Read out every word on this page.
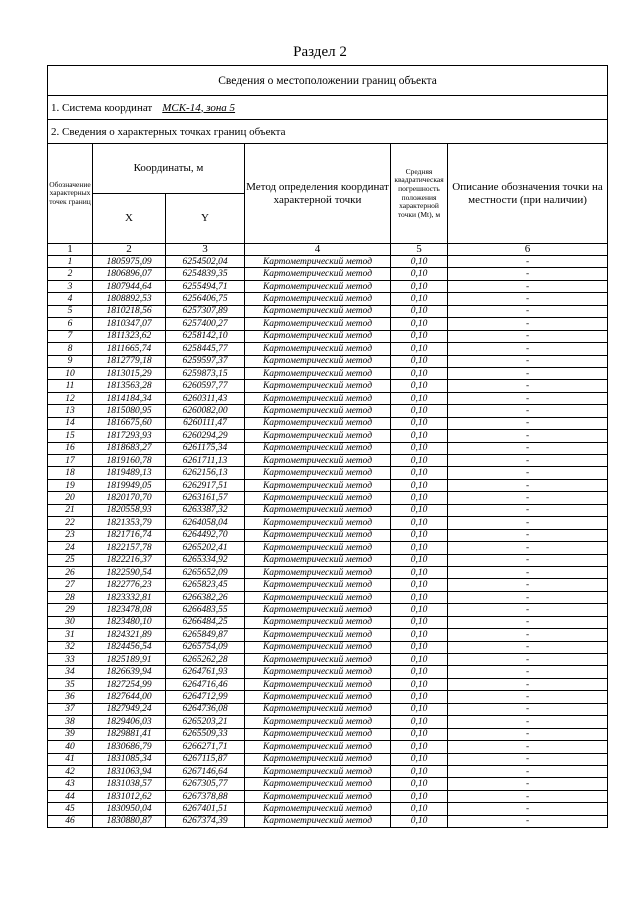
Раздел 2
Сведения о местоположении границ объекта					
1. Система координат МСК-14, зона 5					
2. Сведения о характерных точках границ объекта					
Обозначение характерных точек границ	Координаты, м		Метод определения координат характерной точки	Средняя квадратическая погрешность положения характерной точки (Мt), м	Описание обозначения точки на местности (при наличии)
	X	Y			
1	2	3	4	5	6
1	1805975,09	6254502,04	Картометрический метод	0,10	-
2	1806896,07	6254839,35	Картометрический метод	0,10	-
3	1807944,64	6255494,71	Картометрический метод	0,10	-
4	1808892,53	6256406,75	Картометрический метод	0,10	-
5	1810218,56	6257307,89	Картометрический метод	0,10	-
6	1810347,07	6257400,27	Картометрический метод	0,10	-
7	1811323,62	6258142,10	Картометрический метод	0,10	-
8	1811665,74	6258445,77	Картометрический метод	0,10	-
9	1812779,18	6259597,37	Картометрический метод	0,10	-
10	1813015,29	6259873,15	Картометрический метод	0,10	-
11	1813563,28	6260597,77	Картометрический метод	0,10	-
12	1814184,34	6260311,43	Картометрический метод	0,10	-
13	1815080,95	6260082,00	Картометрический метод	0,10	-
14	1816675,60	6260111,47	Картометрический метод	0,10	-
15	1817293,93	6260294,29	Картометрический метод	0,10	-
16	1818683,27	6261175,34	Картометрический метод	0,10	-
17	1819160,78	6261711,13	Картометрический метод	0,10	-
18	1819489,13	6262156,13	Картометрический метод	0,10	-
19	1819949,05	6262917,51	Картометрический метод	0,10	-
20	1820170,70	6263161,57	Картометрический метод	0,10	-
21	1820558,93	6263387,32	Картометрический метод	0,10	-
22	1821353,79	6264058,04	Картометрический метод	0,10	-
23	1821716,74	6264492,70	Картометрический метод	0,10	-
24	1822157,78	6265202,41	Картометрический метод	0,10	-
25	1822216,37	6265334,92	Картометрический метод	0,10	-
26	1822590,54	6265652,09	Картометрический метод	0,10	-
27	1822776,23	6265823,45	Картометрический метод	0,10	-
28	1823332,81	6266382,26	Картометрический метод	0,10	-
29	1823478,08	6266483,55	Картометрический метод	0,10	-
30	1823480,10	6266484,25	Картометрический метод	0,10	-
31	1824321,89	6265849,87	Картометрический метод	0,10	-
32	1824456,54	6265754,09	Картометрический метод	0,10	-
33	1825189,91	6265262,28	Картометрический метод	0,10	-
34	1826639,94	6264761,93	Картометрический метод	0,10	-
35	1827254,99	6264716,46	Картометрический метод	0,10	-
36	1827644,00	6264712,99	Картометрический метод	0,10	-
37	1827949,24	6264736,08	Картометрический метод	0,10	-
38	1829406,03	6265203,21	Картометрический метод	0,10	-
39	1829881,41	6265509,33	Картометрический метод	0,10	-
40	1830686,79	6266271,71	Картометрический метод	0,10	-
41	1831085,34	6267115,87	Картометрический метод	0,10	-
42	1831063,94	6267146,64	Картометрический метод	0,10	-
43	1831038,57	6267305,77	Картометрический метод	0,10	-
44	1831012,62	6267378,88	Картометрический метод	0,10	-
45	1830950,04	6267401,51	Картометрический метод	0,10	-
46	1830880,87	6267374,39	Картометрический метод	0,10	-
